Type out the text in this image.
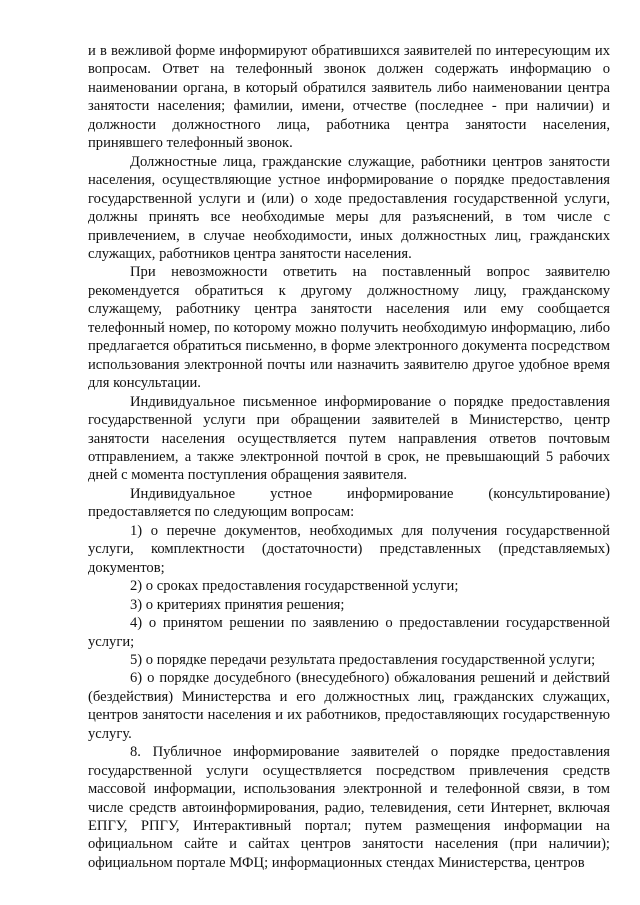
и в вежливой форме информируют обратившихся заявителей по интересующим их вопросам. Ответ на телефонный звонок должен содержать информацию о наименовании органа, в который обратился заявитель либо наименовании центра занятости населения; фамилии, имени, отчестве (последнее - при наличии) и должности должностного лица, работника центра занятости населения, принявшего телефонный звонок.

Должностные лица, гражданские служащие, работники центров занятости населения, осуществляющие устное информирование о порядке предоставления государственной услуги и (или) о ходе предоставления государственной услуги, должны принять все необходимые меры для разъяснений, в том числе с привлечением, в случае необходимости, иных должностных лиц, гражданских служащих, работников центра занятости населения.

При невозможности ответить на поставленный вопрос заявителю рекомендуется обратиться к другому должностному лицу, гражданскому служащему, работнику центра занятости населения или ему сообщается телефонный номер, по которому можно получить необходимую информацию, либо предлагается обратиться письменно, в форме электронного документа посредством использования электронной почты или назначить заявителю другое удобное время для консультации.

Индивидуальное письменное информирование о порядке предоставления государственной услуги при обращении заявителей в Министерство, центр занятости населения осуществляется путем направления ответов почтовым отправлением, а также электронной почтой в срок, не превышающий 5 рабочих дней с момента поступления обращения заявителя.

Индивидуальное устное информирование (консультирование) предоставляется по следующим вопросам:

1) о перечне документов, необходимых для получения государственной услуги, комплектности (достаточности) представленных (представляемых) документов;

2) о сроках предоставления государственной услуги;

3) о критериях принятия решения;

4) о принятом решении по заявлению о предоставлении государственной услуги;

5) о порядке передачи результата предоставления государственной услуги;

6) о порядке досудебного (внесудебного) обжалования решений и действий (бездействия) Министерства и его должностных лиц, гражданских служащих, центров занятости населения и их работников, предоставляющих государственную услугу.

8. Публичное информирование заявителей о порядке предоставления государственной услуги осуществляется посредством привлечения средств массовой информации, использования электронной и телефонной связи, в том числе средств автоинформирования, радио, телевидения, сети Интернет, включая ЕПГУ, РПГУ, Интерактивный портал; путем размещения информации на официальном сайте и сайтах центров занятости населения (при наличии); официальном портале МФЦ; информационных стендах Министерства, центров
